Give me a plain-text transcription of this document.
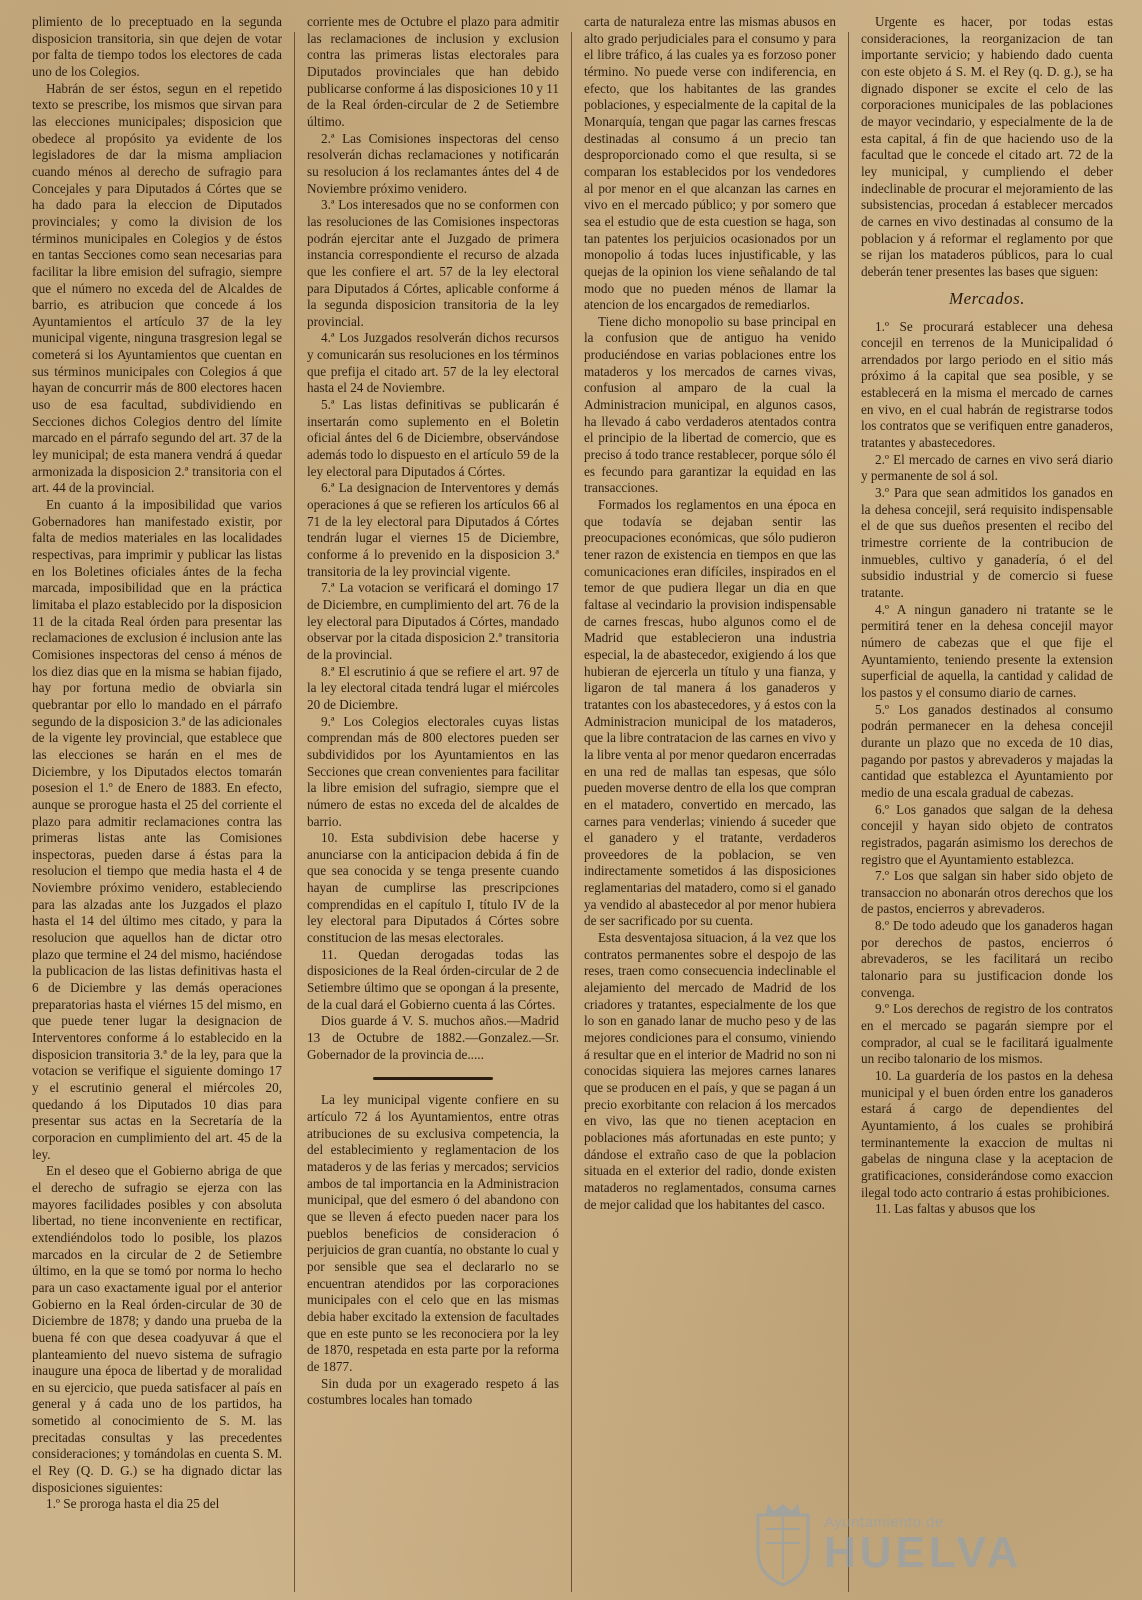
plimiento de lo preceptuado en la segunda disposicion transitoria, sin que dejen de votar por falta de tiempo todos los electores de cada uno de los Colegios.

Habrán de ser éstos, segun en el repetido texto se prescribe, los mismos que sirvan para las elecciones municipales; disposicion que obedece al propósito ya evidente de los legisladores de dar la misma ampliacion cuando ménos al derecho de sufragio para Concejales y para Diputados á Córtes que se ha dado para la eleccion de Diputados provinciales; y como la division de los términos municipales en Colegios y de éstos en tantas Secciones como sean necesarias para facilitar la libre emision del sufragio, siempre que el número no exceda del de Alcaldes de barrio, es atribucion que concede á los Ayuntamientos el artículo 37 de la ley municipal vigente, ninguna trasgresion legal se cometerá si los Ayuntamientos que cuentan en sus términos municipales con Colegios á que hayan de concurrir más de 800 electores hacen uso de esa facultad, subdividiendo en Secciones dichos Colegios dentro del límite marcado en el párrafo segundo del art. 37 de la ley municipal; de esta manera vendrá á quedar armonizada la disposicion 2.ª transitoria con el art. 44 de la provincial.

En cuanto á la imposibilidad que varios Gobernadores han manifestado existir, por falta de medios materiales en las localidades respectivas, para imprimir y publicar las listas en los Boletines oficiales ántes de la fecha marcada, imposibilidad que en la práctica limitaba el plazo establecido por la disposicion 11 de la citada Real órden para presentar las reclamaciones de exclusion é inclusion ante las Comisiones inspectoras del censo á ménos de los diez dias que en la misma se habian fijado, hay por fortuna medio de obviarla sin quebrantar por ello lo mandado en el párrafo segundo de la disposicion 3.ª de las adicionales de la vigente ley provincial, que establece que las elecciones se harán en el mes de Diciembre, y los Diputados electos tomarán posesion el 1.º de Enero de 1883. En efecto, aunque se prorogue hasta el 25 del corriente el plazo para admitir reclamaciones contra las primeras listas ante las Comisiones inspectoras, pueden darse á éstas para la resolucion el tiempo que media hasta el 4 de Noviembre próximo venidero, estableciendo para las alzadas ante los Juzgados el plazo hasta el 14 del último mes citado, y para la resolucion que aquellos han de dictar otro plazo que termine el 24 del mismo, haciéndose la publicacion de las listas definitivas hasta el 6 de Diciembre y las demás operaciones preparatorias hasta el viérnes 15 del mismo, en que puede tener lugar la designacion de Interventores conforme á lo establecido en la disposicion transitoria 3.ª de la ley, para que la votacion se verifique el siguiente domingo 17 y el escrutinio general el miércoles 20, quedando á los Diputados 10 dias para presentar sus actas en la Secretaría de la corporacion en cumplimiento del art. 45 de la ley.

En el deseo que el Gobierno abriga de que el derecho de sufragio se ejerza con las mayores facilidades posibles y con absoluta libertad, no tiene inconveniente en rectificar, extendiéndolos todo lo posible, los plazos marcados en la circular de 2 de Setiembre último, en la que se tomó por norma lo hecho para un caso exactamente igual por el anterior Gobierno en la Real órden-circular de 30 de Diciembre de 1878; y dando una prueba de la buena fé con que desea coadyuvar á que el planteamiento del nuevo sistema de sufragio inaugure una época de libertad y de moralidad en su ejercicio, que pueda satisfacer al país en general y á cada uno de los partidos, ha sometido al conocimiento de S. M. las precitadas consultas y las precedentes consideraciones; y tomándolas en cuenta S. M. el Rey (Q. D. G.) se ha dignado dictar las disposiciones siguientes:

1.º Se proroga hasta el dia 25 del

corriente mes de Octubre el plazo para admitir las reclamaciones de inclusion y exclusion contra las primeras listas electorales para Diputados provinciales que han debido publicarse conforme á las disposiciones 10 y 11 de la Real órden-circular de 2 de Setiembre último.

2.ª Las Comisiones inspectoras del censo resolverán dichas reclamaciones y notificarán su resolucion á los reclamantes ántes del 4 de Noviembre próximo venidero.

3.ª Los interesados que no se conformen con las resoluciones de las Comisiones inspectoras podrán ejercitar ante el Juzgado de primera instancia correspondiente el recurso de alzada que les confiere el art. 57 de la ley electoral para Diputados á Córtes, aplicable conforme á la segunda disposicion transitoria de la ley provincial.

4.ª Los Juzgados resolverán dichos recursos y comunicarán sus resoluciones en los términos que prefija el citado art. 57 de la ley electoral hasta el 24 de Noviembre.

5.ª Las listas definitivas se publicarán é insertarán como suplemento en el Boletin oficial ántes del 6 de Diciembre, observándose además todo lo dispuesto en el artículo 59 de la ley electoral para Diputados á Córtes.

6.ª La designacion de Interventores y demás operaciones á que se refieren los artículos 66 al 71 de la ley electoral para Diputados á Córtes tendrán lugar el viernes 15 de Diciembre, conforme á lo prevenido en la disposicion 3.ª transitoria de la ley provincial vigente.

7.ª La votacion se verificará el domingo 17 de Diciembre, en cumplimiento del art. 76 de la ley electoral para Diputados á Córtes, mandado observar por la citada disposicion 2.ª transitoria de la provincial.

8.ª El escrutinio á que se refiere el art. 97 de la ley electoral citada tendrá lugar el miércoles 20 de Diciembre.

9.ª Los Colegios electorales cuyas listas comprendan más de 800 electores pueden ser subdivididos por los Ayuntamientos en las Secciones que crean convenientes para facilitar la libre emision del sufragio, siempre que el número de estas no exceda del de alcaldes de barrio.

10. Esta subdivision debe hacerse y anunciarse con la anticipacion debida á fin de que sea conocida y se tenga presente cuando hayan de cumplirse las prescripciones comprendidas en el capítulo I, título IV de la ley electoral para Diputados á Córtes sobre constitucion de las mesas electorales.

11. Quedan derogadas todas las disposiciones de la Real órden-circular de 2 de Setiembre último que se opongan á la presente, de la cual dará el Gobierno cuenta á las Córtes.

Dios guarde á V. S. muchos años.—Madrid 13 de Octubre de 1882.—Gonzalez.—Sr. Gobernador de la provincia de.....

La ley municipal vigente confiere en su artículo 72 á los Ayuntamientos, entre otras atribuciones de su exclusiva competencia, la del establecimiento y reglamentacion de los mataderos y de las ferias y mercados; servicios ambos de tal importancia en la Administracion municipal, que del esmero ó del abandono con que se lleven á efecto pueden nacer para los pueblos beneficios de consideracion ó perjuicios de gran cuantía, no obstante lo cual y por sensible que sea el declararlo no se encuentran atendidos por las corporaciones municipales con el celo que en las mismas debia haber excitado la extension de facultades que en este punto se les reconociera por la ley de 1870, respetada en esta parte por la reforma de 1877.

Sin duda por un exagerado respeto á las costumbres locales han tomado

carta de naturaleza entre las mismas abusos en alto grado perjudiciales para el consumo y para el libre tráfico, á las cuales ya es forzoso poner término. No puede verse con indiferencia, en efecto, que los habitantes de las grandes poblaciones, y especialmente de la capital de la Monarquía, tengan que pagar las carnes frescas destinadas al consumo á un precio tan desproporcionado como el que resulta, si se comparan los establecidos por los vendedores al por menor en el que alcanzan las carnes en vivo en el mercado público; y por somero que sea el estudio que de esta cuestion se haga, son tan patentes los perjuicios ocasionados por un monopolio á todas luces injustificable, y las quejas de la opinion los viene señalando de tal modo que no pueden ménos de llamar la atencion de los encargados de remediarlos.

Tiene dicho monopolio su base principal en la confusion que de antiguo ha venido produciéndose en varias poblaciones entre los mataderos y los mercados de carnes vivas, confusion al amparo de la cual la Administracion municipal, en algunos casos, ha llevado á cabo verdaderos atentados contra el principio de la libertad de comercio, que es preciso á todo trance restablecer, porque sólo él es fecundo para garantizar la equidad en las transacciones.

Formados los reglamentos en una época en que todavía se dejaban sentir las preocupaciones económicas, que sólo pudieron tener razon de existencia en tiempos en que las comunicaciones eran difíciles, inspirados en el temor de que pudiera llegar un dia en que faltase al vecindario la provision indispensable de carnes frescas, hubo algunos como el de Madrid que establecieron una industria especial, la de abastecedor, exigiendo á los que hubieran de ejercerla un título y una fianza, y ligaron de tal manera á los ganaderos y tratantes con los abastecedores, y á estos con la Administracion municipal de los mataderos, que la libre contratacion de las carnes en vivo y la libre venta al por menor quedaron encerradas en una red de mallas tan espesas, que sólo pueden moverse dentro de ella los que compran en el matadero, convertido en mercado, las carnes para venderlas; viniendo á suceder que el ganadero y el tratante, verdaderos proveedores de la poblacion, se ven indirectamente sometidos á las disposiciones reglamentarias del matadero, como si el ganado ya vendido al abastecedor al por menor hubiera de ser sacrificado por su cuenta.

Esta desventajosa situacion, á la vez que los contratos permanentes sobre el despojo de las reses, traen como consecuencia indeclinable el alejamiento del mercado de Madrid de los criadores y tratantes, especialmente de los que lo son en ganado lanar de mucho peso y de las mejores condiciones para el consumo, viniendo á resultar que en el interior de Madrid no son ni conocidas siquiera las mejores carnes lanares que se producen en el país, y que se pagan á un precio exorbitante con relacion á los mercados en vivo, las que no tienen aceptacion en poblaciones más afortunadas en este punto; y dándose el extraño caso de que la poblacion situada en el exterior del radio, donde existen mataderos no reglamentados, consuma carnes de mejor calidad que los habitantes del casco.

Urgente es hacer, por todas estas consideraciones, la reorganizacion de tan importante servicio; y habiendo dado cuenta con este objeto á S. M. el Rey (q. D. g.), se ha dignado disponer se excite el celo de las corporaciones municipales de las poblaciones de mayor vecindario, y especialmente de la de esta capital, á fin de que haciendo uso de la facultad que le concede el citado art. 72 de la ley municipal, y cumpliendo el deber indeclinable de procurar el mejoramiento de las subsistencias, procedan á establecer mercados de carnes en vivo destinadas al consumo de la poblacion y á reformar el reglamento por que se rijan los mataderos públicos, para lo cual deberán tener presentes las bases que siguen:

Mercados.

1.º Se procurará establecer una dehesa concejil en terrenos de la Municipalidad ó arrendados por largo periodo en el sitio más próximo á la capital que sea posible, y se establecerá en la misma el mercado de carnes en vivo, en el cual habrán de registrarse todos los contratos que se verifiquen entre ganaderos, tratantes y abastecedores.

2.º El mercado de carnes en vivo será diario y permanente de sol á sol.

3.º Para que sean admitidos los ganados en la dehesa concejil, será requisito indispensable el de que sus dueños presenten el recibo del trimestre corriente de la contribucion de inmuebles, cultivo y ganadería, ó el del subsidio industrial y de comercio si fuese tratante.

4.º A ningun ganadero ni tratante se le permitirá tener en la dehesa concejil mayor número de cabezas que el que fije el Ayuntamiento, teniendo presente la extension superficial de aquella, la cantidad y calidad de los pastos y el consumo diario de carnes.

5.º Los ganados destinados al consumo podrán permanecer en la dehesa concejil durante un plazo que no exceda de 10 dias, pagando por pastos y abrevaderos y majadas la cantidad que establezca el Ayuntamiento por medio de una escala gradual de cabezas.

6.º Los ganados que salgan de la dehesa concejil y hayan sido objeto de contratos registrados, pagarán asimismo los derechos de registro que el Ayuntamiento establezca.

7.º Los que salgan sin haber sido objeto de transaccion no abonarán otros derechos que los de pastos, encierros y abrevaderos.

8.º De todo adeudo que los ganaderos hagan por derechos de pastos, encierros ó abrevaderos, se les facilitará un recibo talonario para su justificacion donde los convenga.

9.º Los derechos de registro de los contratos en el mercado se pagarán siempre por el comprador, al cual se le facilitará igualmente un recibo talonario de los mismos.

10. La guardería de los pastos en la dehesa municipal y el buen órden entre los ganaderos estará á cargo de dependientes del Ayuntamiento, á los cuales se prohibirá terminantemente la exaccion de multas ni gabelas de ninguna clase y la aceptacion de gratificaciones, considerándose como exaccion ilegal todo acto contrario á estas prohibiciones.

11. Las faltas y abusos que los

Ayuntamiento de
HUELVA
